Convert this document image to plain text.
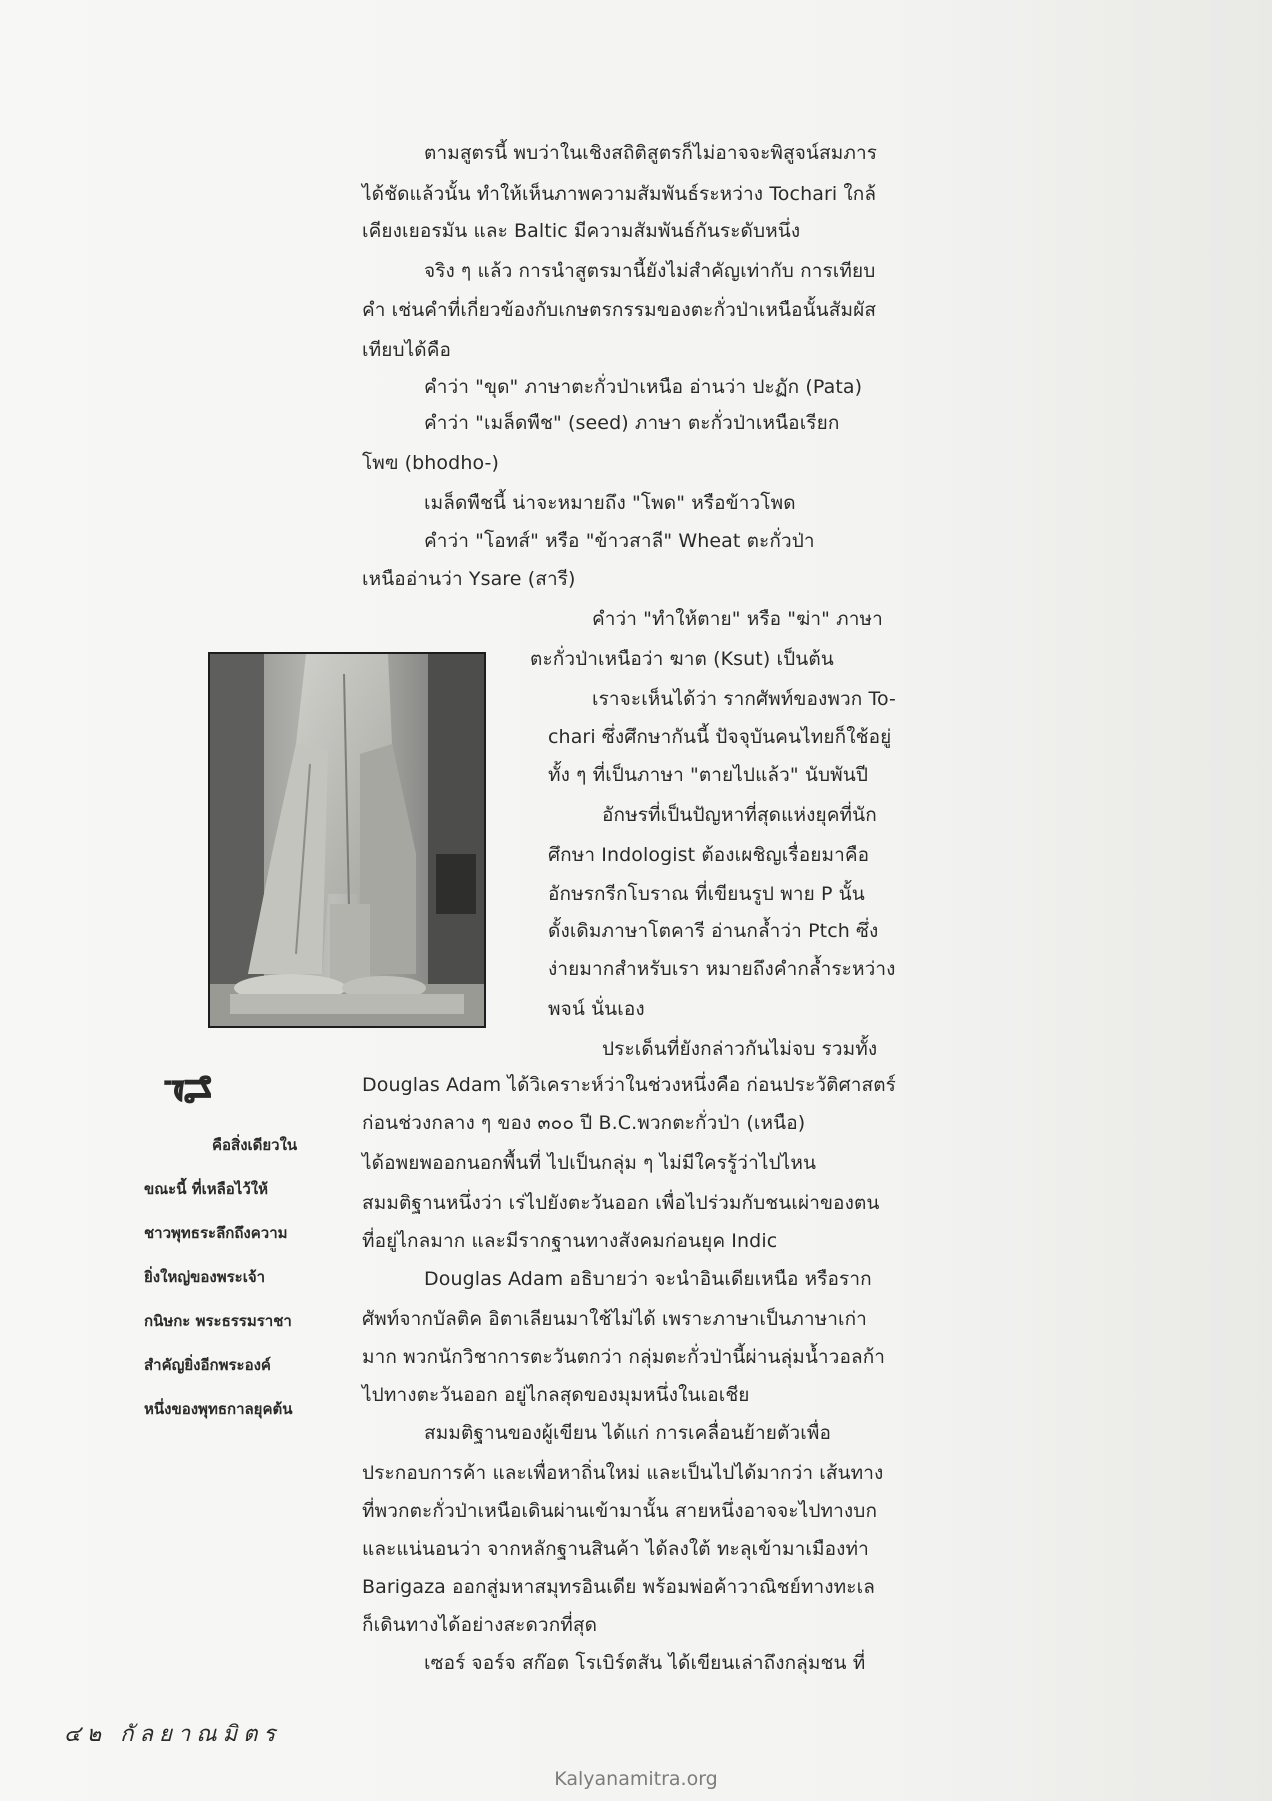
ตามสูตรนี้ พบว่าในเชิงสถิติสูตรก็ไม่อาจจะพิสูจน์สมภาร
ได้ชัดแล้วนั้น ทำให้เห็นภาพความสัมพันธ์ระหว่าง Tochari ใกล้
เคียงเยอรมัน และ Baltic มีความสัมพันธ์กันระดับหนึ่ง
จริง ๆ แล้ว การนำสูตรมานี้ยังไม่สำคัญเท่ากับ การเทียบ
คำ เช่นคำที่เกี่ยวข้องกับเกษตรกรรมของตะกั่วป่าเหนือนั้นสัมผัส
เทียบได้คือ
คำว่า "ขุด" ภาษาตะกั่วป่าเหนือ อ่านว่า ปะฏัก (Pata)
คำว่า "เมล็ดพืช" (seed) ภาษา ตะกั่วป่าเหนือเรียก
โพฃ (bhodho-)
เมล็ดพืชนี้ น่าจะหมายถึง "โพด" หรือข้าวโพด
คำว่า "โอทส์" หรือ "ข้าวสาลี" Wheat ตะกั่วป่า
เหนืออ่านว่า Ysare (สารี)
คำว่า "ทำให้ตาย" หรือ "ฆ่า" ภาษา
ตะกั่วป่าเหนือว่า ฆาต (Ksut) เป็นต้น
เราจะเห็นได้ว่า รากศัพท์ของพวก To-
chari ซึ่งศึกษากันนี้ ปัจจุบันคนไทยก็ใช้อยู่
ทั้ง ๆ ที่เป็นภาษา "ตายไปแล้ว" นับพันปี
อักษรที่เป็นปัญหาที่สุดแห่งยุคที่นัก
ศึกษา Indologist ต้องเผชิญเรื่อยมาคือ
อักษรกรีกโบราณ ที่เขียนรูป พาย P นั้น
ดั้งเดิมภาษาโตคารี อ่านกล้ำว่า Ptch ซึ่ง
ง่ายมากสำหรับเรา หมายถึงคำกล้ำระหว่าง
พจน์ นั่นเอง
ประเด็นที่ยังกล่าวกันไม่จบ รวมทั้ง
Douglas Adam ได้วิเคราะห์ว่าในช่วงหนึ่งคือ ก่อนประวัติศาสตร์
ก่อนช่วงกลาง ๆ ของ ๓๐๐ ปี B.C.พวกตะกั่วป่า (เหนือ)
ได้อพยพออกนอกพื้นที่ ไปเป็นกลุ่ม ๆ ไม่มีใครรู้ว่าไปไหน
สมมติฐานหนึ่งว่า เร่ไปยังตะวันออก เพื่อไปร่วมกับชนเผ่าของตน
ที่อยู่ไกลมาก และมีรากฐานทางสังคมก่อนยุค Indic
Douglas Adam อธิบายว่า จะนำอินเดียเหนือ หรือราก
ศัพท์จากบัลติค อิตาเลียนมาใช้ไม่ได้ เพราะภาษาเป็นภาษาเก่า
มาก พวกนักวิชาการตะวันตกว่า กลุ่มตะกั่วป่านี้ผ่านลุ่มน้ำวอลก้า
ไปทางตะวันออก อยู่ไกลสุดของมุมหนึ่งในเอเชีย
สมมติฐานของผู้เขียน ได้แก่ การเคลื่อนย้ายตัวเพื่อ
ประกอบการค้า และเพื่อหาถิ่นใหม่ และเป็นไปได้มากว่า เส้นทาง
ที่พวกตะกั่วป่าเหนือเดินผ่านเข้ามานั้น สายหนึ่งอาจจะไปทางบก
และแน่นอนว่า จากหลักฐานสินค้า ได้ลงใต้ ทะลุเข้ามาเมืองท่า
Barigaza ออกสู่มหาสมุทรอินเดีย พร้อมพ่อค้าวาณิชย์ทางทะเล
ก็เดินทางได้อย่างสะดวกที่สุด
เซอร์ จอร์จ สก๊อต โรเบิร์ตสัน ได้เขียนเล่าถึงกลุ่มชน ที่
นี่
คือสิ่งเดียวใน
ขณะนี้ ที่เหลือไว้ให้
ชาวพุทธระลึกถึงความ
ยิ่งใหญ่ของพระเจ้า
กนิษกะ พระธรรมราชา
สำคัญยิ่งอีกพระองค์
หนึ่งของพุทธกาลยุคต้น
๔๒ กัลยาณมิตร
Kalyanamitra.org
